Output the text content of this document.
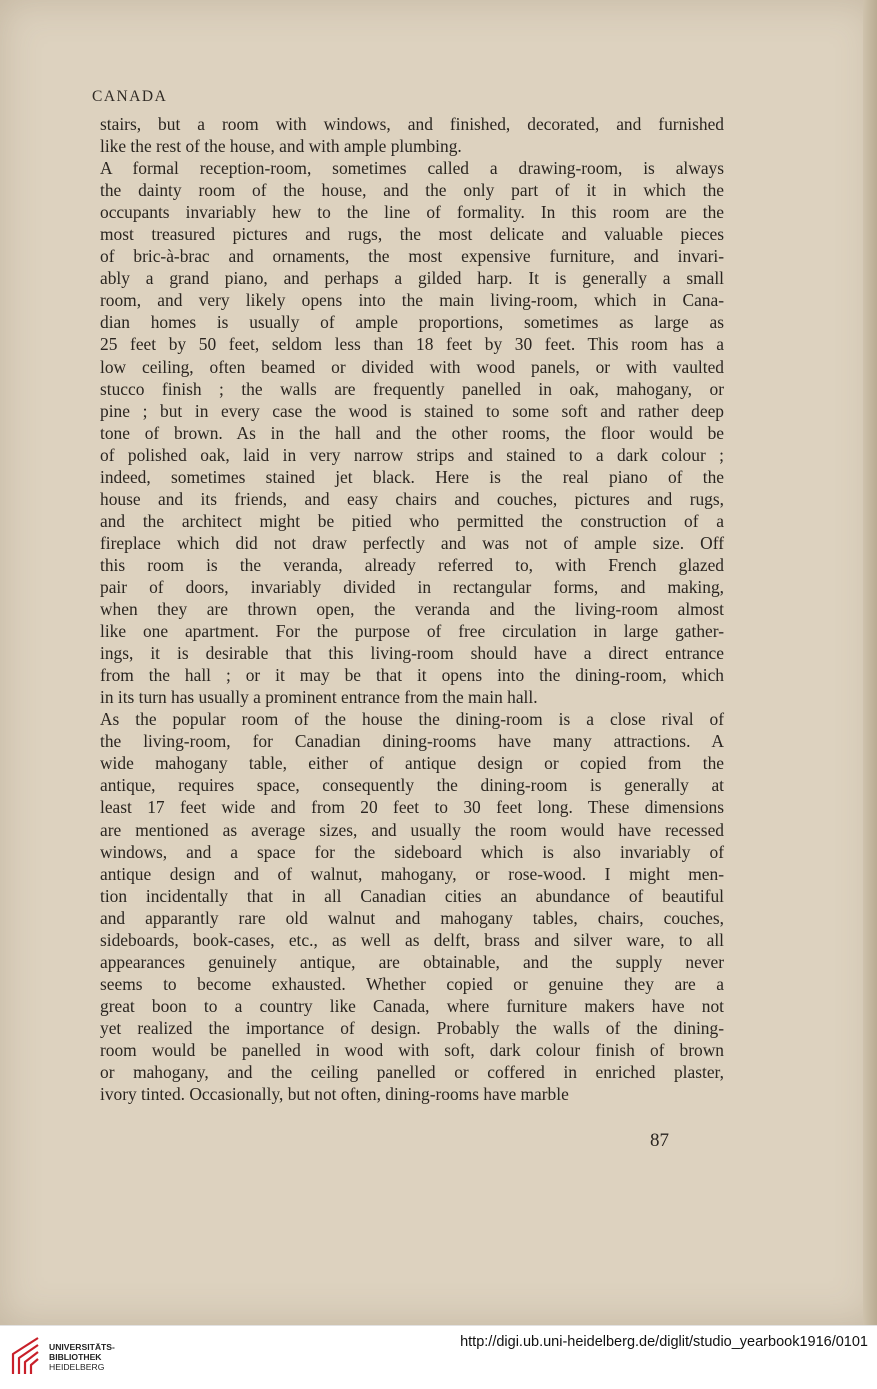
CANADA
stairs, but a room with windows, and finished, decorated, and furnished
like the rest of the house, and with ample plumbing.
A formal reception-room, sometimes called a drawing-room, is always
the dainty room of the house, and the only part of it in which the
occupants invariably hew to the line of formality. In this room are the
most treasured pictures and rugs, the most delicate and valuable pieces
of bric-à-brac and ornaments, the most expensive furniture, and invari-
ably a grand piano, and perhaps a gilded harp. It is generally a small
room, and very likely opens into the main living-room, which in Cana-
dian homes is usually of ample proportions, sometimes as large as
25 feet by 50 feet, seldom less than 18 feet by 30 feet. This room has a
low ceiling, often beamed or divided with wood panels, or with vaulted
stucco finish ; the walls are frequently panelled in oak, mahogany, or
pine ; but in every case the wood is stained to some soft and rather deep
tone of brown. As in the hall and the other rooms, the floor would be
of polished oak, laid in very narrow strips and stained to a dark colour ;
indeed, sometimes stained jet black. Here is the real piano of the
house and its friends, and easy chairs and couches, pictures and rugs,
and the architect might be pitied who permitted the construction of a
fireplace which did not draw perfectly and was not of ample size. Off
this room is the veranda, already referred to, with French glazed
pair of doors, invariably divided in rectangular forms, and making,
when they are thrown open, the veranda and the living-room almost
like one apartment. For the purpose of free circulation in large gather-
ings, it is desirable that this living-room should have a direct entrance
from the hall ; or it may be that it opens into the dining-room, which
in its turn has usually a prominent entrance from the main hall.
As the popular room of the house the dining-room is a close rival of
the living-room, for Canadian dining-rooms have many attractions. A
wide mahogany table, either of antique design or copied from the
antique, requires space, consequently the dining-room is generally at
least 17 feet wide and from 20 feet to 30 feet long. These dimensions
are mentioned as average sizes, and usually the room would have recessed
windows, and a space for the sideboard which is also invariably of
antique design and of walnut, mahogany, or rose-wood. I might men-
tion incidentally that in all Canadian cities an abundance of beautiful
and apparantly rare old walnut and mahogany tables, chairs, couches,
sideboards, book-cases, etc., as well as delft, brass and silver ware, to all
appearances genuinely antique, are obtainable, and the supply never
seems to become exhausted. Whether copied or genuine they are a
great boon to a country like Canada, where furniture makers have not
yet realized the importance of design. Probably the walls of the dining-
room would be panelled in wood with soft, dark colour finish of brown
or mahogany, and the ceiling panelled or coffered in enriched plaster,
ivory tinted. Occasionally, but not often, dining-rooms have marble
87
UNIVERSITÄTS-
BIBLIOTHEK
HEIDELBERG
http://digi.ub.uni-heidelberg.de/diglit/studio_yearbook1916/0101
